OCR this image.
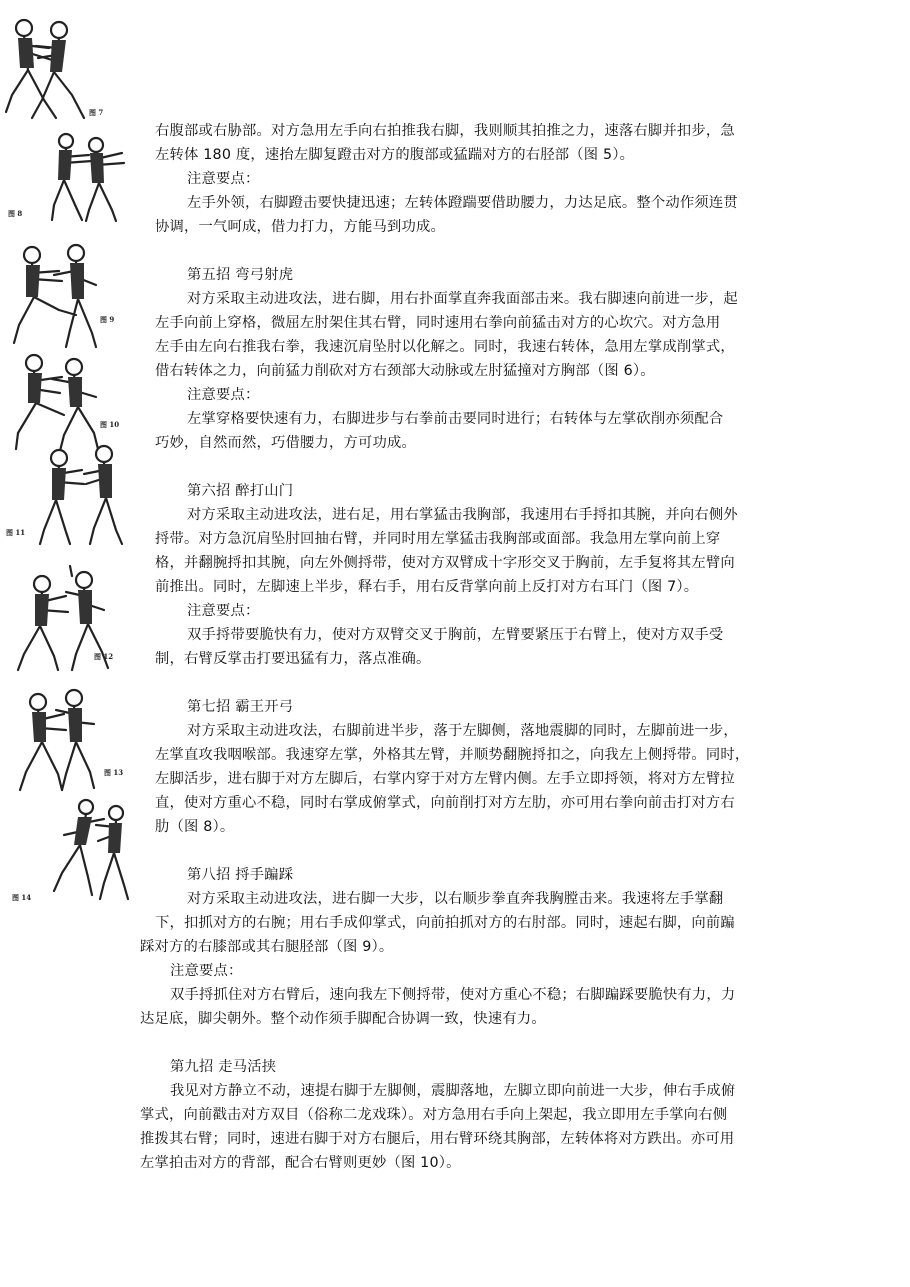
图 7
图 8
图 9
图 10
图 11
图 12
图 13
图 14
右腹部或右胁部。对方急用左手向右拍推我右脚，我则顺其拍推之力，速落右脚并扣步，急
左转体 180 度，速抬左脚复蹬击对方的腹部或猛踹对方的右胫部（图 5）。
注意要点：
左手外领，右脚蹬击要快捷迅速；左转体蹬踹要借助腰力，力达足底。整个动作须连贯
协调，一气呵成，借力打力，方能马到功成。
第五招 弯弓射虎
对方采取主动进攻法，进右脚，用右扑面掌直奔我面部击来。我右脚速向前进一步，起
左手向前上穿格，微屈左肘架住其右臂，同时速用右拳向前猛击对方的心坎穴。对方急用
左手由左向右推我右拳，我速沉肩坠肘以化解之。同时，我速右转体，急用左掌成削掌式，
借右转体之力，向前猛力削砍对方右颈部大动脉或左肘猛撞对方胸部（图 6）。
注意要点：
左掌穿格要快速有力，右脚进步与右拳前击要同时进行；右转体与左掌砍削亦须配合
巧妙，自然而然，巧借腰力，方可功成。
第六招 醉打山门
对方采取主动进攻法，进右足，用右掌猛击我胸部，我速用右手捋扣其腕，并向右侧外
捋带。对方急沉肩坠肘回抽右臂，并同时用左掌猛击我胸部或面部。我急用左掌向前上穿
格，并翻腕捋扣其腕，向左外侧捋带，使对方双臂成十字形交叉于胸前，左手复将其左臂向
前推出。同时，左脚速上半步，释右手，用右反背掌向前上反打对方右耳门（图 7）。
注意要点：
双手捋带要脆快有力，使对方双臂交叉于胸前，左臂要紧压于右臂上，使对方双手受
制，右臂反掌击打要迅猛有力，落点准确。
第七招 霸王开弓
对方采取主动进攻法，右脚前进半步，落于左脚侧，落地震脚的同时，左脚前进一步，
左掌直攻我咽喉部。我速穿左掌，外格其左臂，并顺势翻腕捋扣之，向我左上侧捋带。同时，
左脚活步，进右脚于对方左脚后，右掌内穿于对方左臂内侧。左手立即捋领，将对方左臂拉
直，使对方重心不稳，同时右掌成俯掌式，向前削打对方左肋，亦可用右拳向前击打对方右
肋（图 8）。
第八招 捋手蹁踩
对方采取主动进攻法，进右脚一大步，以右顺步拳直奔我胸膛击来。我速将左手掌翻
下，扣抓对方的右腕；用右手成仰掌式，向前拍抓对方的右肘部。同时，速起右脚，向前蹁
踩对方的右膝部或其右腿胫部（图 9）。
注意要点：
双手捋抓住对方右臂后，速向我左下侧捋带，使对方重心不稳；右脚蹁踩要脆快有力，力
达足底，脚尖朝外。整个动作须手脚配合协调一致，快速有力。
第九招 走马活挟
我见对方静立不动，速提右脚于左脚侧，震脚落地，左脚立即向前进一大步，伸右手成俯
掌式，向前戳击对方双目（俗称二龙戏珠）。对方急用右手向上架起，我立即用左手掌向右侧
推拨其右臂；同时，速进右脚于对方右腿后，用右臂环绕其胸部，左转体将对方跌出。亦可用
左掌拍击对方的背部，配合右臂则更妙（图 10）。
